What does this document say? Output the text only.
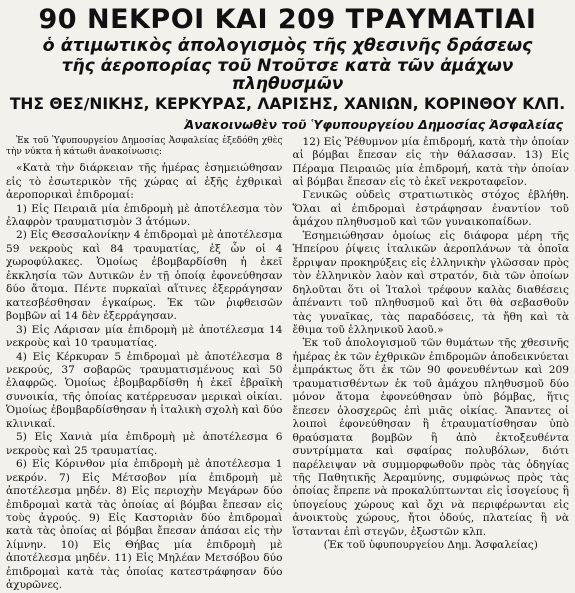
90 ΝΕΚΡΟΙ ΚΑΙ 209 ΤΡΑΥΜΑΤΙΑΙ
ὁ ἀτιμωτικὸς ἀπολογισμὸς τῆς χθεσινῆς δράσεως
τῆς ἀεροπορίας τοῦ Ντοῦτσε κατὰ τῶν ἀμάχων πληθυσμῶν
ΤΗΣ ΘΕΣ/ΝΙΚΗΣ, ΚΕΡΚΥΡΑΣ, ΛΑΡΙΣΗΣ, ΧΑΝΙΩΝ, ΚΟΡΙΝΘΟΥ ΚΛΠ.
Ἀνακοινωθὲν τοῦ Ὑφυπουργείου Δημοσίας Ἀσφαλείας

Ἐκ τοῦ Ὑφυπουργείου Δημοσίας Ἀσφαλείας ἐξεδόθη χθὲς τὴν νύκτα ἡ κάτωθι ἀνακοίνωσις:

«Κατὰ τὴν διάρκειαν τῆς ἡμέρας ἐσημειώθησαν εἰς τὸ ἐσωτερικὸν τῆς χώρας αἱ ἑξῆς ἐχθρικαὶ ἀεροπορικαὶ ἐπιδρομαί:

1) Εἰς Πειραιᾶ μία ἐπιδρομὴ μὲ ἀποτέλεσμα τὸν ἐλαφρὸν τραυματισμὸν 3 ἀτόμων.

2) Εἰς Θεσσαλονίκην 4 ἐπιδρομαὶ μὲ ἀποτέλεσμα 59 νεκροὺς καὶ 84 τραυματίας, ἐξ ὧν οἱ 4 χωροφύλακες. Ὁμοίως ἐβομβαρδίσθη ἡ ἐκεῖ ἐκκλησία τῶν Δυτικῶν ἐν τῇ ὁποίᾳ ἐφονεύθησαν δύο ἄτομα. Πέντε πυρκαϊαὶ αἵτινες ἐξερράγησαν κατεσβέσθησαν ἐγκαίρως. Ἐκ τῶν ῥιφθεισῶν βομβῶν αἱ 14 δὲν ἐξερράγησαν.

3) Εἰς Λάρισαν μία ἐπιδρομὴ μὲ ἀποτέλεσμα 14 νεκροὺς καὶ 10 τραυματίας.

4) Εἰς Κέρκυραν 5 ἐπιδρομαὶ μὲ ἀποτέλεσμα 8 νεκρούς, 37 σοβαρῶς τραυματισμένους καὶ 50 ἐλαφρῶς. Ὁμοίως ἐβομβαρδίσθη ἡ ἐκεῖ ἑβραϊκὴ συνοικία, τῆς ὁποίας κατέρρευσαν μερικαὶ οἰκίαι. Ὁμοίως ἐβομβαρδίσθησαν ἡ ἰταλικὴ σχολὴ καὶ δύο κλινικαί.

5) Εἰς Χανιὰ μία ἐπιδρομὴ μὲ ἀποτέλεσμα 6 νεκροὺς καὶ 25 τραυματίας.

6) Εἰς Κόρινθον μία ἐπιδρομὴ μὲ ἀποτέλεσμα 1 νεκρόν. 7) Εἰς Μέτσοβον μία ἐπιδρομὴ μὲ ἀποτέλεσμα μηδέν. 8) Εἰς περιοχὴν Μεγάρων δύο ἐπιδρομαὶ κατὰ τὰς ὁποίας αἱ βόμβαι ἔπεσαν εἰς τοὺς ἀγρούς. 9) Εἰς Καστοριὰν δύο ἐπιδρομαὶ κατὰ τὰς ὁποίας αἱ βόμβαι ἔπεσαν ἀπάσαι εἰς τὴν λίμνην. 10) Εἰς Θήβας μία ἐπιδρομὴ μὲ ἀποτέλεσμα μηδέν. 11) Εἰς Μηλέαν Μετσόβου δύο ἐπιδρομαὶ κατὰ τὰς ὁποίας κατεστράφησαν δύο ἀχυρῶνες.

12) Εἰς Ῥέθυμνον μία ἐπιδρομή, κατὰ τὴν ὁποίαν αἱ βόμβαι ἔπεσαν εἰς τὴν θάλασσαν. 13) Εἰς Πέραμα Πειραιῶς μία ἐπιδρομή, κατὰ τὴν ὁποίαν αἱ βόμβαι ἔπεσαν εἰς τὸ ἐκεῖ νεκροταφεῖον.

Γενικῶς οὐδεὶς στρατιωτικὸς στόχος ἐβλήθη. Ὅλαι αἱ ἐπιδρομαὶ ἐστράφησαν ἐναντίον τοῦ ἀμάχου πληθυσμοῦ καὶ τῶν γυναικοπαίδων.

Ἐσημειώθησαν ὁμοίως εἰς διάφορα μέρη τῆς Ἠπείρου ῥίψεις ἰταλικῶν ἀεροπλάνων τὰ ὁποῖα ἔρριψαν προκηρύξεις εἰς ἑλληνικὴν γλῶσσαν πρὸς τὸν ἑλληνικὸν λαὸν καὶ στρατόν, διὰ τῶν ὁποίων δηλοῦται ὅτι οἱ Ἰταλοὶ τρέφουν καλὰς διαθέσεις ἀπέναντι τοῦ πληθυσμοῦ καὶ ὅτι θὰ σεβασθοῦν τὰς γυναῖκας, τὰς παραδόσεις, τὰ ἤθη καὶ τὰ ἔθιμα τοῦ ἑλληνικοῦ λαοῦ.»

Ἐκ τοῦ ἀπολογισμοῦ τῶν θυμάτων τῆς χθεσινῆς ἡμέρας ἐκ τῶν ἐχθρικῶν ἐπιδρομῶν ἀποδεικνύεται ἐμπράκτως ὅτι ἐκ τῶν 90 φονευθέντων καὶ 209 τραυματισθέντων ἐκ τοῦ ἀμάχου πληθυσμοῦ δύο μόνον ἄτομα ἐφονεύθησαν ὑπὸ βόμβας, ἥτις ἔπεσεν ὁλοσχερῶς ἐπὶ μιᾶς οἰκίας. Ἅπαντες οἱ λοιποὶ ἐφονεύθησαν ἢ ἐτραυματίσθησαν ὑπὸ θραύσματα βομβῶν ἢ ἀπὸ ἐκτοξευθέντα συντρίμματα καὶ σφαίρας πολυβόλων, διότι παρέλειψαν νὰ συμμορφωθοῦν πρὸς τὰς ὁδηγίας τῆς Παθητικῆς Ἀεραμύνης, συμφώνως πρὸς τὰς ὁποίας ἔπρεπε νὰ προκαλύπτωνται εἰς ἰσογείους ἢ ὑπογείους χώρους καὶ ὄχι νὰ περιφέρωνται εἰς ἀνοικτοὺς χώρους, ἤτοι ὁδούς, πλατείας ἢ νὰ ἵστανται ἐπὶ στεγῶν, ἐξωστῶν κλπ.

(Ἐκ τοῦ ὑφυπουργείου Δημ. Ἀσφαλείας)
